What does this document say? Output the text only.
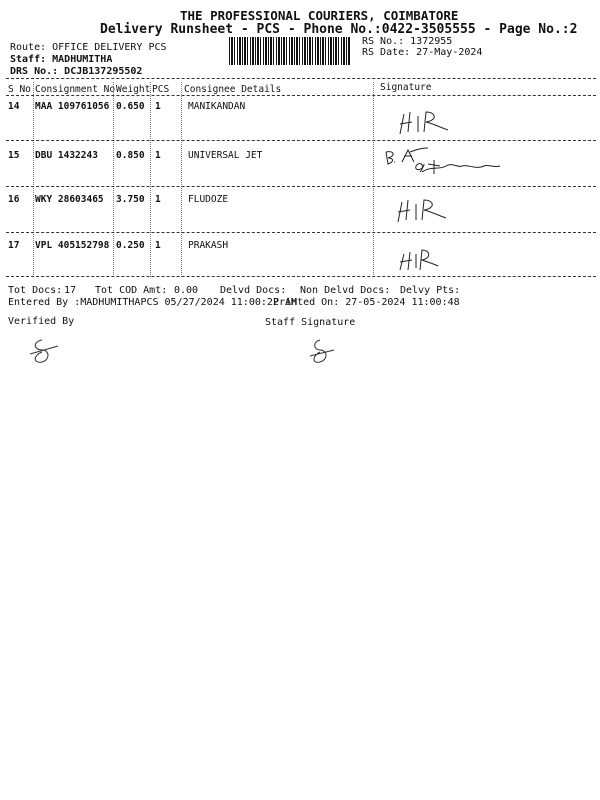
THE PROFESSIONAL COURIERS, COIMBATORE
Delivery Runsheet - PCS - Phone No.:0422-3505555 - Page No.:2
Route: OFFICE DELIVERY PCS
Staff: MADHUMITHA
DRS No.: DCJB137295502
RS No.: 1372955
RS Date: 27-May-2024
S No Consignment No Weight PCS Consignee Details	Signature
14 MAA 109761056 0.650 1	MANIKANDAN
15 DBU 1432243 0.850 1	UNIVERSAL JET
16 WKY 28603465 3.750 1	FLUDOZE
17 VPL 405152798 0.250 1	PRAKASH
Tot Docs: 17 Tot COD Amt: 0.00 Delvd Docs: Non Delvd Docs: Delvy Pts:
Entered By :MADHUMITHAPCS 05/27/2024 11:00:22 AM
Printed On: 27-05-2024 11:00:48
Verified By	Staff Signature
